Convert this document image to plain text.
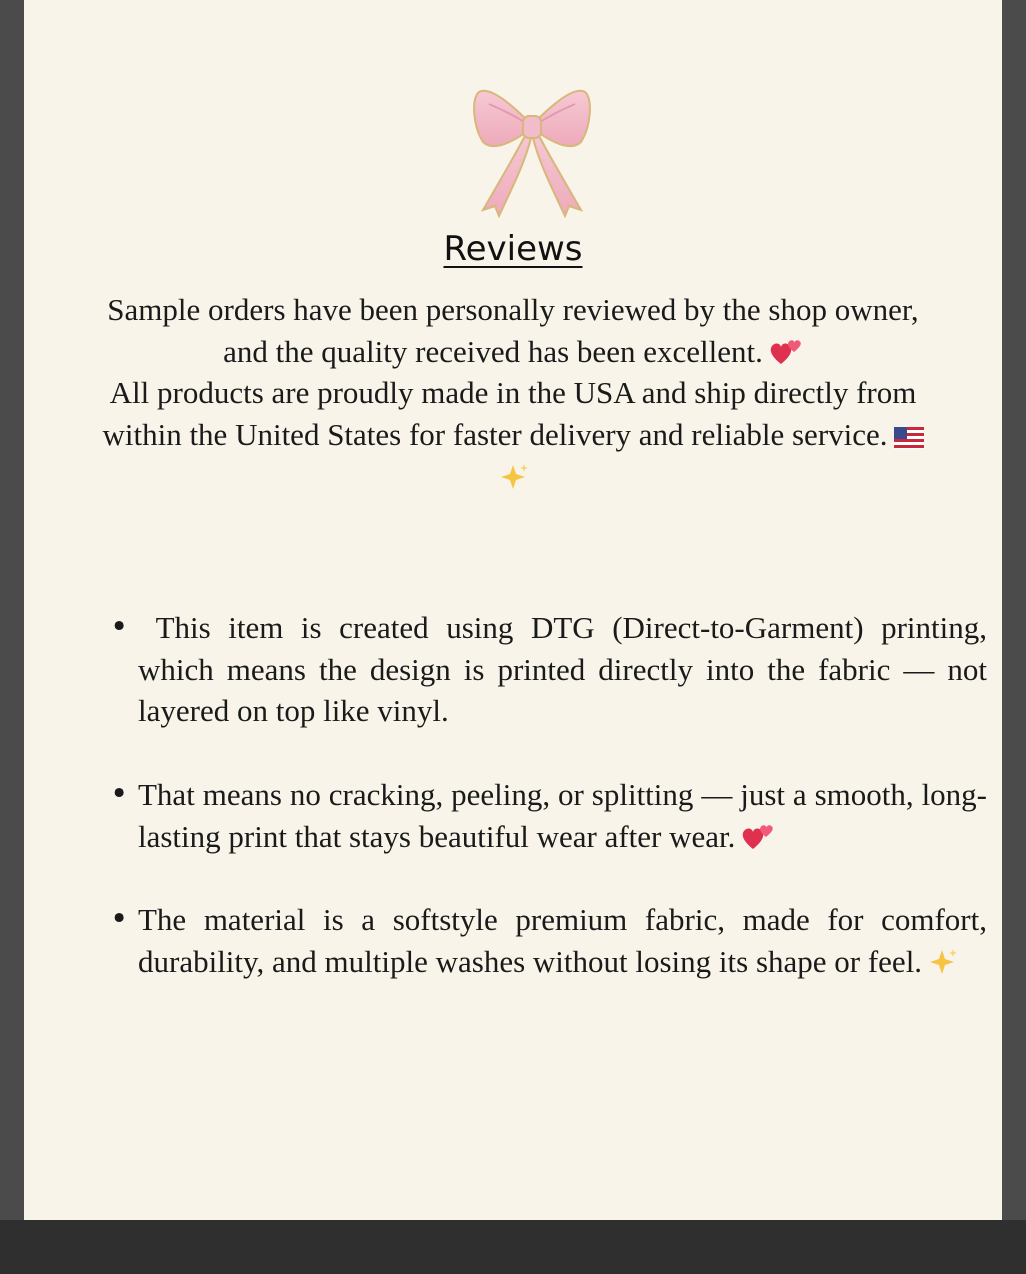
Reviews

Sample orders have been personally reviewed by the shop owner, and the quality received has been excellent.

All products are proudly made in the USA and ship directly from within the United States for faster delivery and reliable service.

• This item is created using DTG (Direct-to-Garment) printing, which means the design is printed directly into the fabric — not layered on top like vinyl.
• That means no cracking, peeling, or splitting — just a smooth, long-lasting print that stays beautiful wear after wear.
• The material is a softstyle premium fabric, made for comfort, durability, and multiple washes without losing its shape or feel.
